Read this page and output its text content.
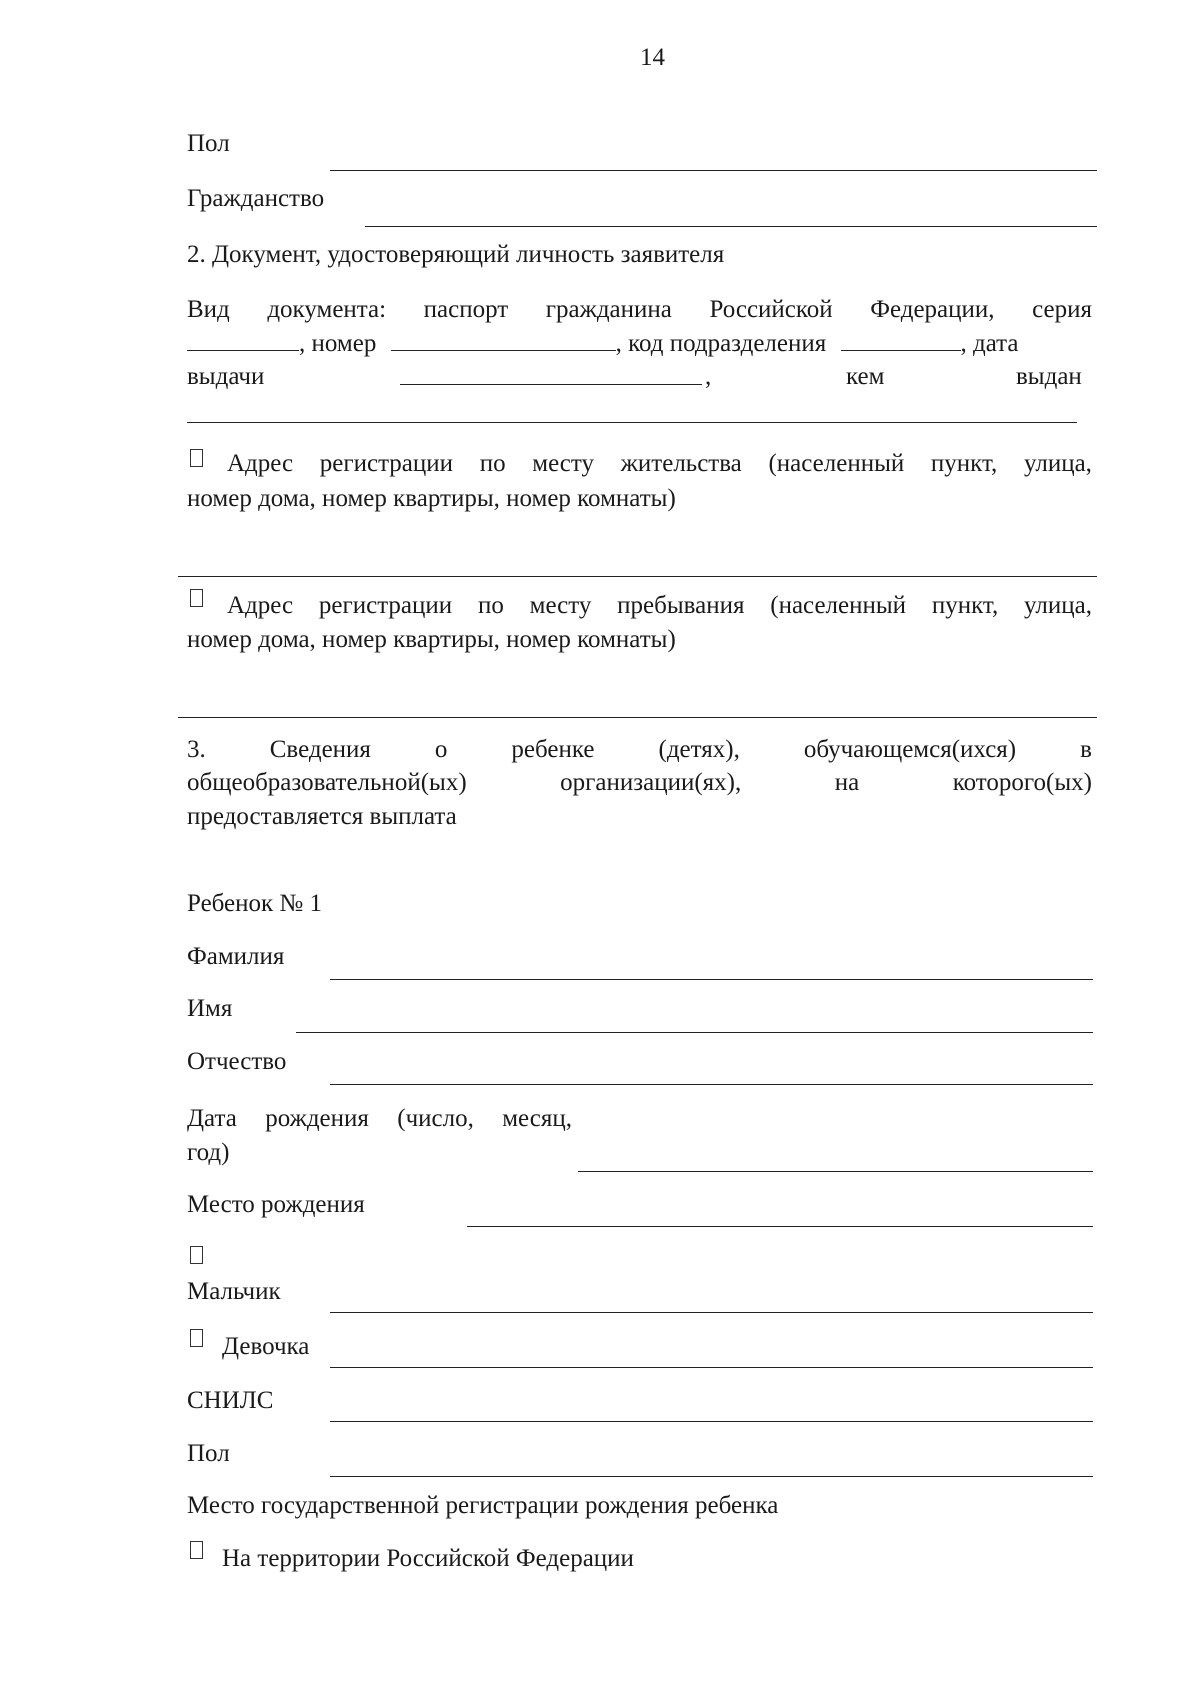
14
Пол
Гражданство
2. Документ, удостоверяющий личность заявителя
Вид документа: паспорт гражданина Российской Федерации, серия
, номер	, код подразделения	, дата
выдачи	,	кем	выдан
Адрес регистрации по месту жительства (населенный пункт, улица,
номер дома, номер квартиры, номер комнаты)
Адрес регистрации по месту пребывания (населенный пункт, улица,
номер дома, номер квартиры, номер комнаты)
3.	Сведения	о	ребенке	(детях),	обучающемся(ихся)	в
общеобразовательной(ых)	организации(ях),	на	которого(ых)
предоставляется выплата
Ребенок № 1
Фамилия
Имя
Отчество
Дата рождения (число, месяц,
год)
Место рождения
Мальчик
Девочка
СНИЛС
Пол
Место государственной регистрации рождения ребенка
На территории Российской Федерации
